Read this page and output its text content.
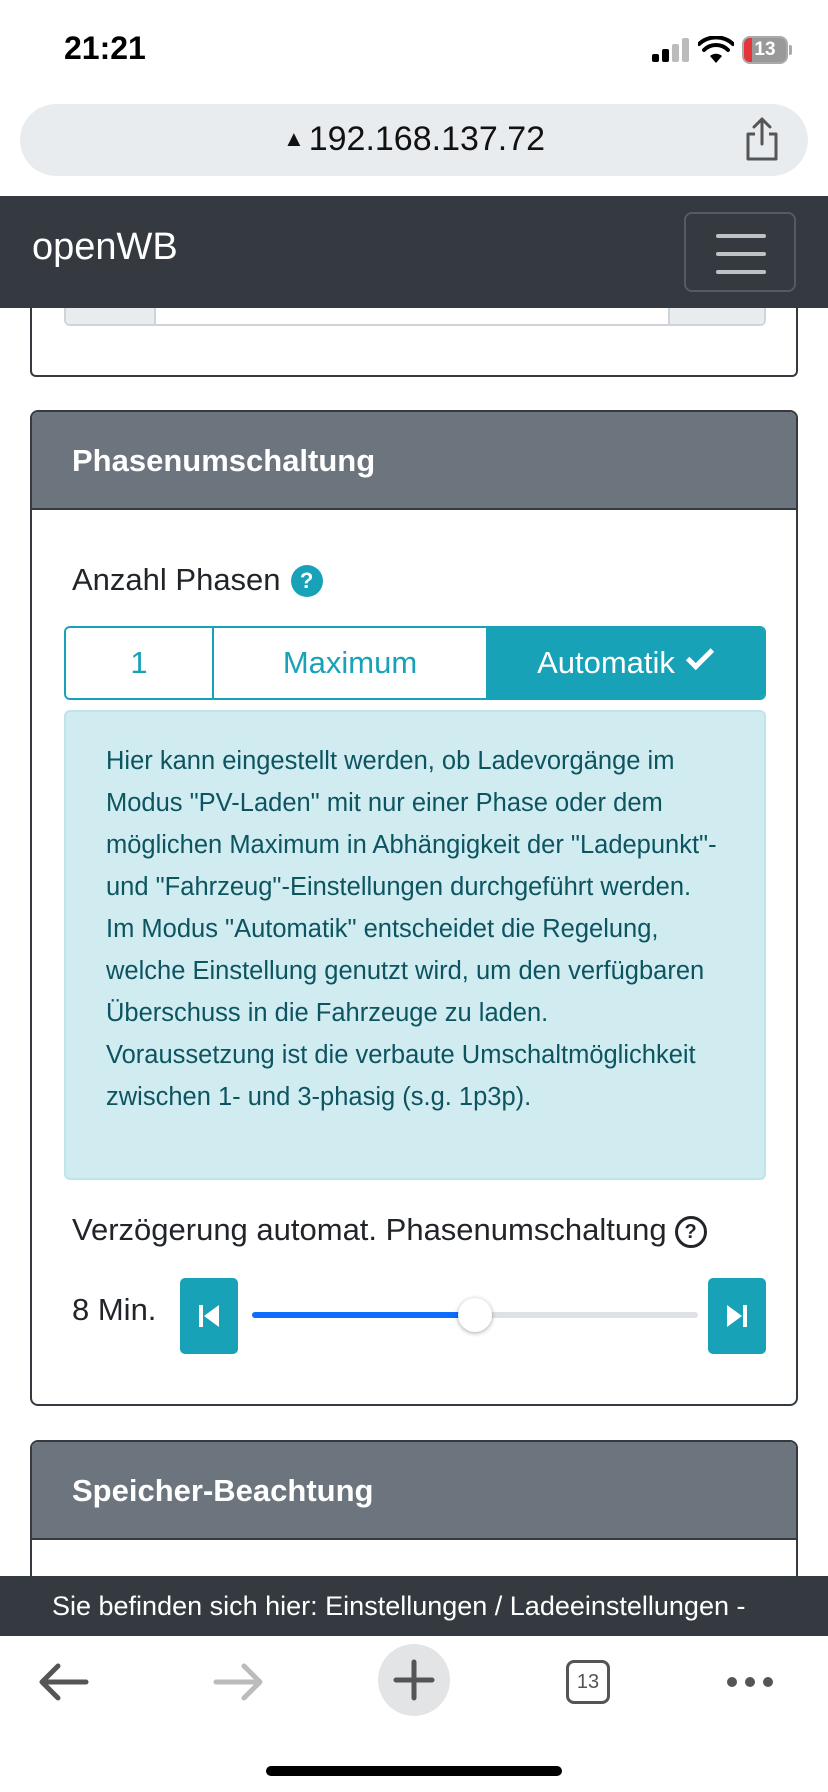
21:21	13
▲ 192.168.137.72
openWB
Phasenumschaltung
Anzahl Phasen ?
1	Maximum	Automatik
Hier kann eingestellt werden, ob Ladevorgänge im Modus "PV-Laden" mit nur einer Phase oder dem möglichen Maximum in Abhängigkeit der "Ladepunkt"- und "Fahrzeug"-Einstellungen durchgeführt werden. Im Modus "Automatik" entscheidet die Regelung, welche Einstellung genutzt wird, um den verfügbaren Überschuss in die Fahrzeuge zu laden. Voraussetzung ist die verbaute Umschaltmöglichkeit zwischen 1- und 3-phasig (s.g. 1p3p).
Verzögerung automat. Phasenumschaltung ?
8 Min.
Speicher-Beachtung
Sie befinden sich hier: Einstellungen / Ladeeinstellungen -
13
